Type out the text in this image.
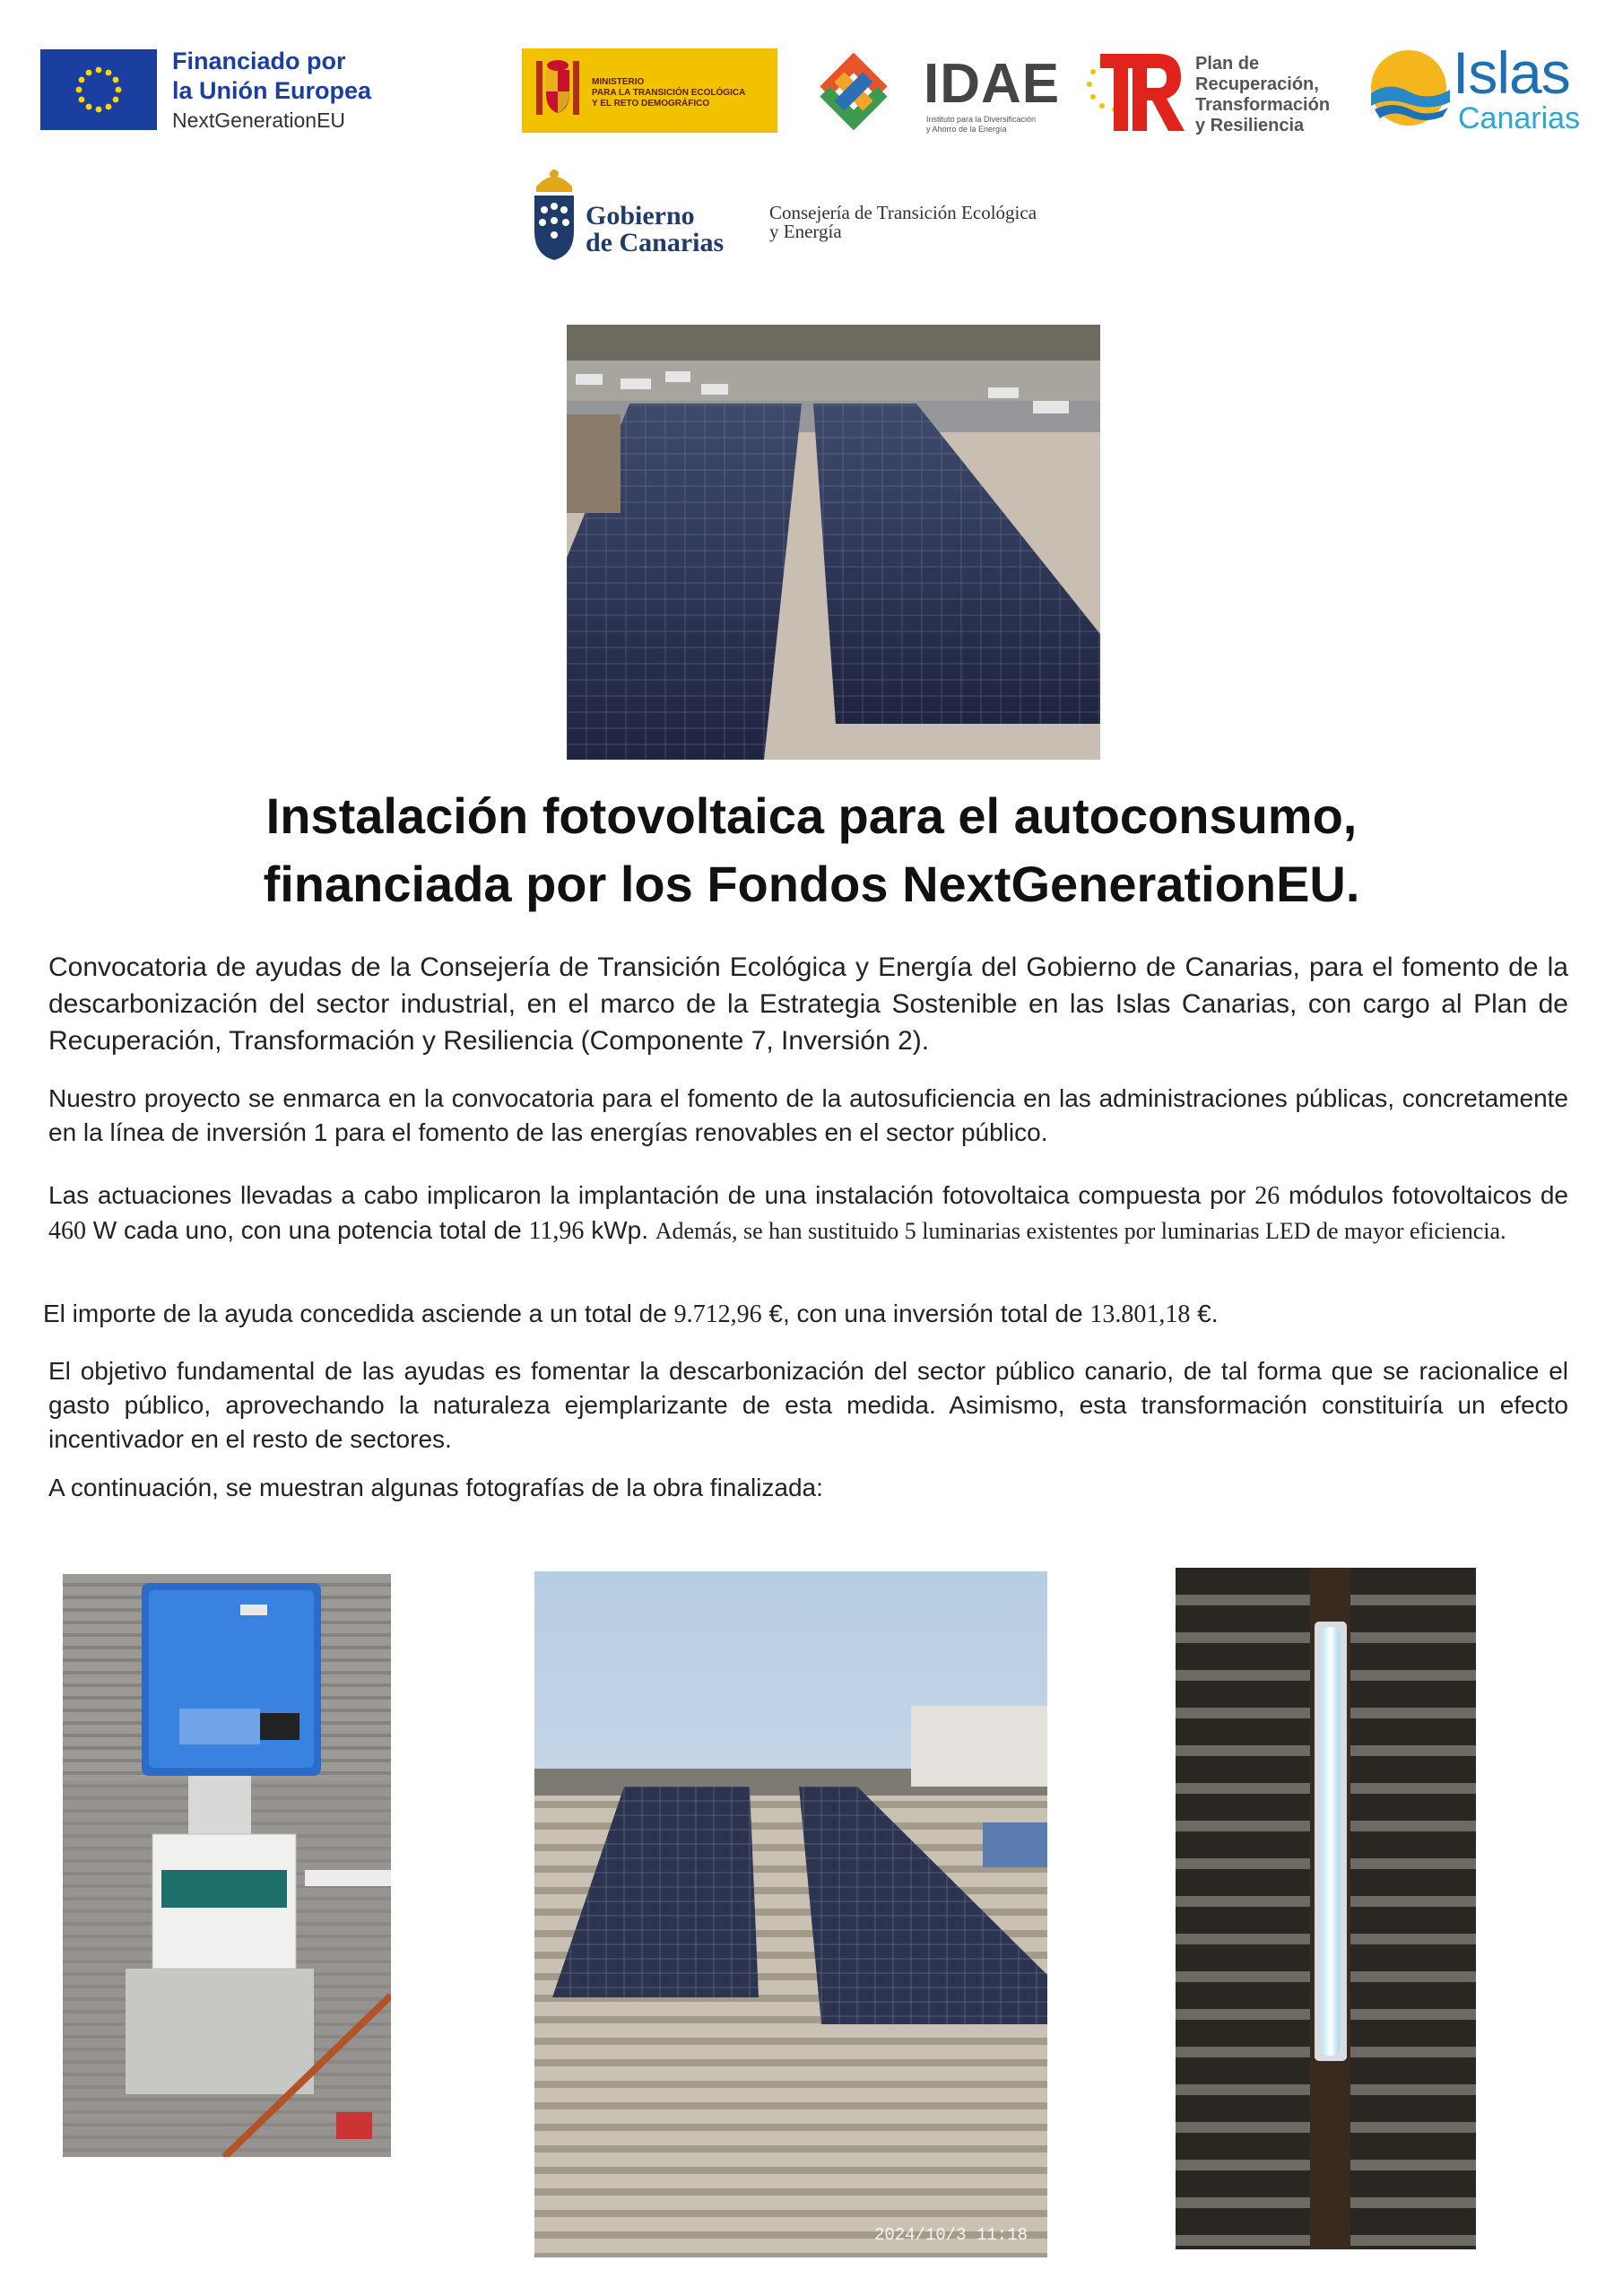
Financiado por
la Unión Europea
NextGenerationEU
MINISTERIO
PARA LA TRANSICIÓN ECOLÓGICA
Y EL RETO DEMOGRÁFICO	IDAE
Instituto para la Diversificación
y Ahorro de la Energía
Plan de
Recuperación,
Transformación
y Resiliencia
Islas
Canarias
Gobierno
de Canarias
Consejería de Transición Ecológica
y Energía
Instalación fotovoltaica para el autoconsumo,
financiada por los Fondos NextGenerationEU.
Convocatoria de ayudas de la Consejería de Transición Ecológica y Energía del Gobierno de Canarias, para el fomento de la descarbonización del sector industrial, en el marco de la Estrategia Sostenible en las Islas Canarias, con cargo al Plan de Recuperación, Transformación y Resiliencia (Componente 7, Inversión 2).
Nuestro proyecto se enmarca en la convocatoria para el fomento de la autosuficiencia en las administraciones públicas, concretamente en la línea de inversión 1 para el fomento de las energías renovables en el sector público.
Las actuaciones llevadas a cabo implicaron la implantación de una instalación fotovoltaica compuesta por 26 módulos fotovoltaicos de 460 W cada uno, con una potencia total de 11,96 kWp. Además, se han sustituido 5 luminarias existentes por luminarias LED de mayor eficiencia.
El importe de la ayuda concedida asciende a un total de 9.712,96 €, con una inversión total de 13.801,18 €.
El objetivo fundamental de las ayudas es fomentar la descarbonización del sector público canario, de tal forma que se racionalice el gasto público, aprovechando la naturaleza ejemplarizante de esta medida. Asimismo, esta transformación constituiría un efecto incentivador en el resto de sectores.
A continuación, se muestran algunas fotografías de la obra finalizada:
2024/10/3 11:18
